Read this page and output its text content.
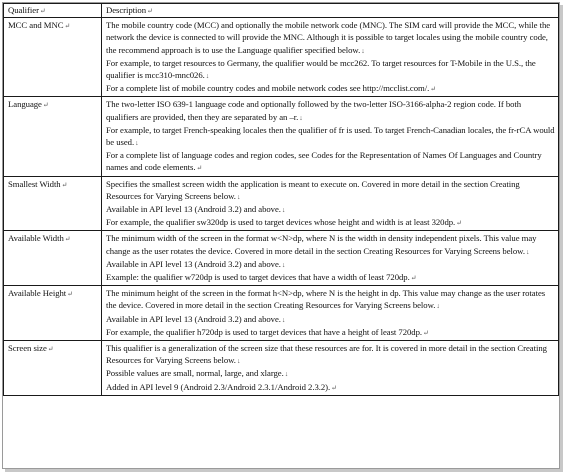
Qualifier↵	Description↵
MCC and MNC↵	The mobile country code (MCC) and optionally the mobile network code (MNC). The SIM card will provide the MCC, while the network the device is connected to will provide the MNC. Although it is possible to target locales using the mobile country code, the recommend approach is to use the Language qualifier specified below.↓
For example, to target resources to Germany, the qualifier would be mcc262. To target resources for T-Mobile in the U.S., the qualifier is mcc310-mnc026.↓
For a complete list of mobile country codes and mobile network codes see http://mcclist.com/.↵

Language↵	The two-letter ISO 639-1 language code and optionally followed by the two-letter ISO-3166-alpha-2 region code. If both qualifiers are provided, then they are separated by an –r.↓
For example, to target French-speaking locales then the qualifier of fr is used. To target French-Canadian locales, the fr-rCA would be used.↓
For a complete list of language codes and region codes, see Codes for the Representation of Names Of Languages and Country names and code elements.↵

Smallest Width↵	Specifies the smallest screen width the application is meant to execute on. Covered in more detail in the section Creating Resources for Varying Screens below.↓
Available in API level 13 (Android 3.2) and above.↓
For example, the qualifier sw320dp is used to target devices whose height and width is at least 320dp.↵

Available Width↵	The minimum width of the screen in the format w<N>dp, where N is the width in density independent pixels. This value may change as the user rotates the device. Covered in more detail in the section Creating Resources for Varying Screens below.↓
Available in API level 13 (Android 3.2) and above.↓
Example: the qualifier w720dp is used to target devices that have a width of least 720dp.↵

Available Height↵	The minimum height of the screen in the format h<N>dp, where N is the height in dp. This value may change as the user rotates the device. Covered in more detail in the section Creating Resources for Varying Screens below.↓
Available in API level 13 (Android 3.2) and above.↓
For example, the qualifier h720dp is used to target devices that have a height of least 720dp.↵

Screen size↵	This qualifier is a generalization of the screen size that these resources are for. It is covered in more detail in the section Creating Resources for Varying Screens below.↓
Possible values are small, normal, large, and xlarge.↓
Added in API level 9 (Android 2.3/Android 2.3.1/Android 2.3.2).↵
